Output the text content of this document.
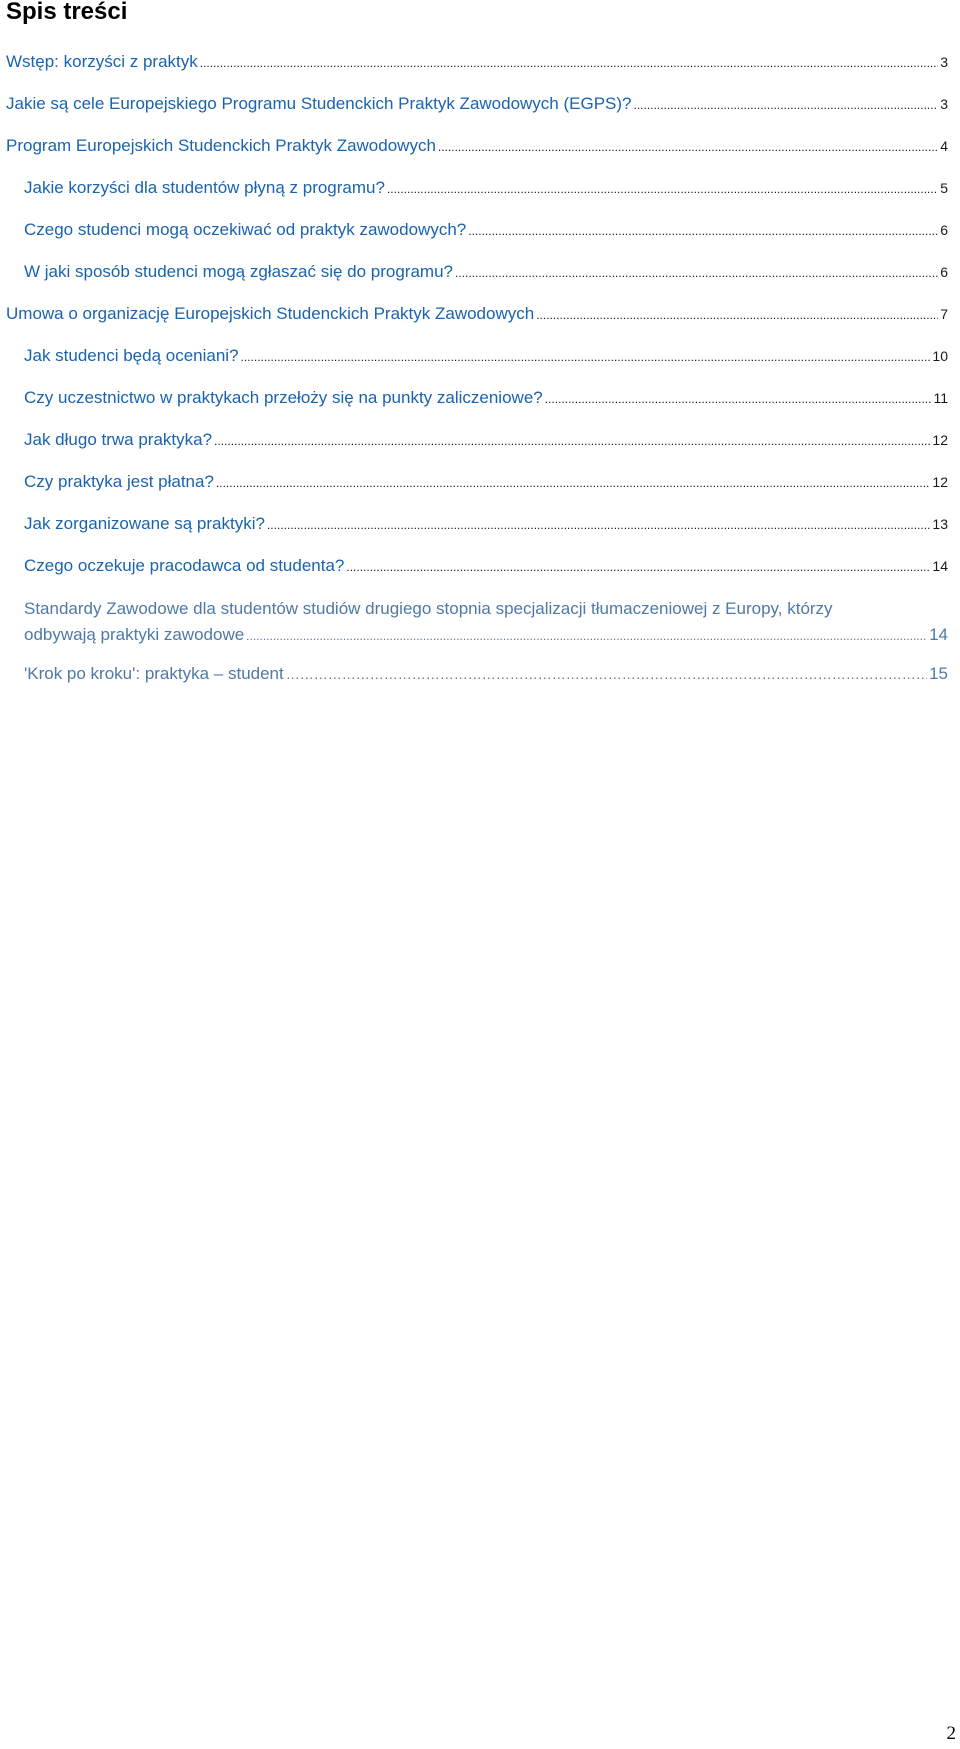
Spis treści
Wstęp: korzyści z praktyk .....	3
Jakie są cele Europejskiego Programu Studenckich Praktyk Zawodowych (EGPS)? .....	3
Program Europejskich Studenckich Praktyk Zawodowych .....	4
Jakie korzyści dla studentów płyną z programu? .....	5
Czego studenci mogą oczekiwać od praktyk zawodowych? .....	6
W jaki sposób studenci mogą zgłaszać się do programu? .....	6
Umowa o organizację Europejskich Studenckich Praktyk Zawodowych .....	7
Jak studenci będą oceniani? .....	10
Czy uczestnictwo w praktykach przełoży się na punkty zaliczeniowe? .....	11
Jak długo trwa praktyka? .....	12
Czy praktyka jest płatna? .....	12
Jak zorganizowane są praktyki? .....	13
Czego oczekuje pracodawca od studenta? .....	14
Standardy Zawodowe dla studentów studiów drugiego stopnia specjalizacji tłumaczeniowej z Europy, którzy
odbywają praktyki zawodowe .....	14
'Krok po kroku': praktyka – student …………………………………………………………………………………………………………………………………………	15
2
